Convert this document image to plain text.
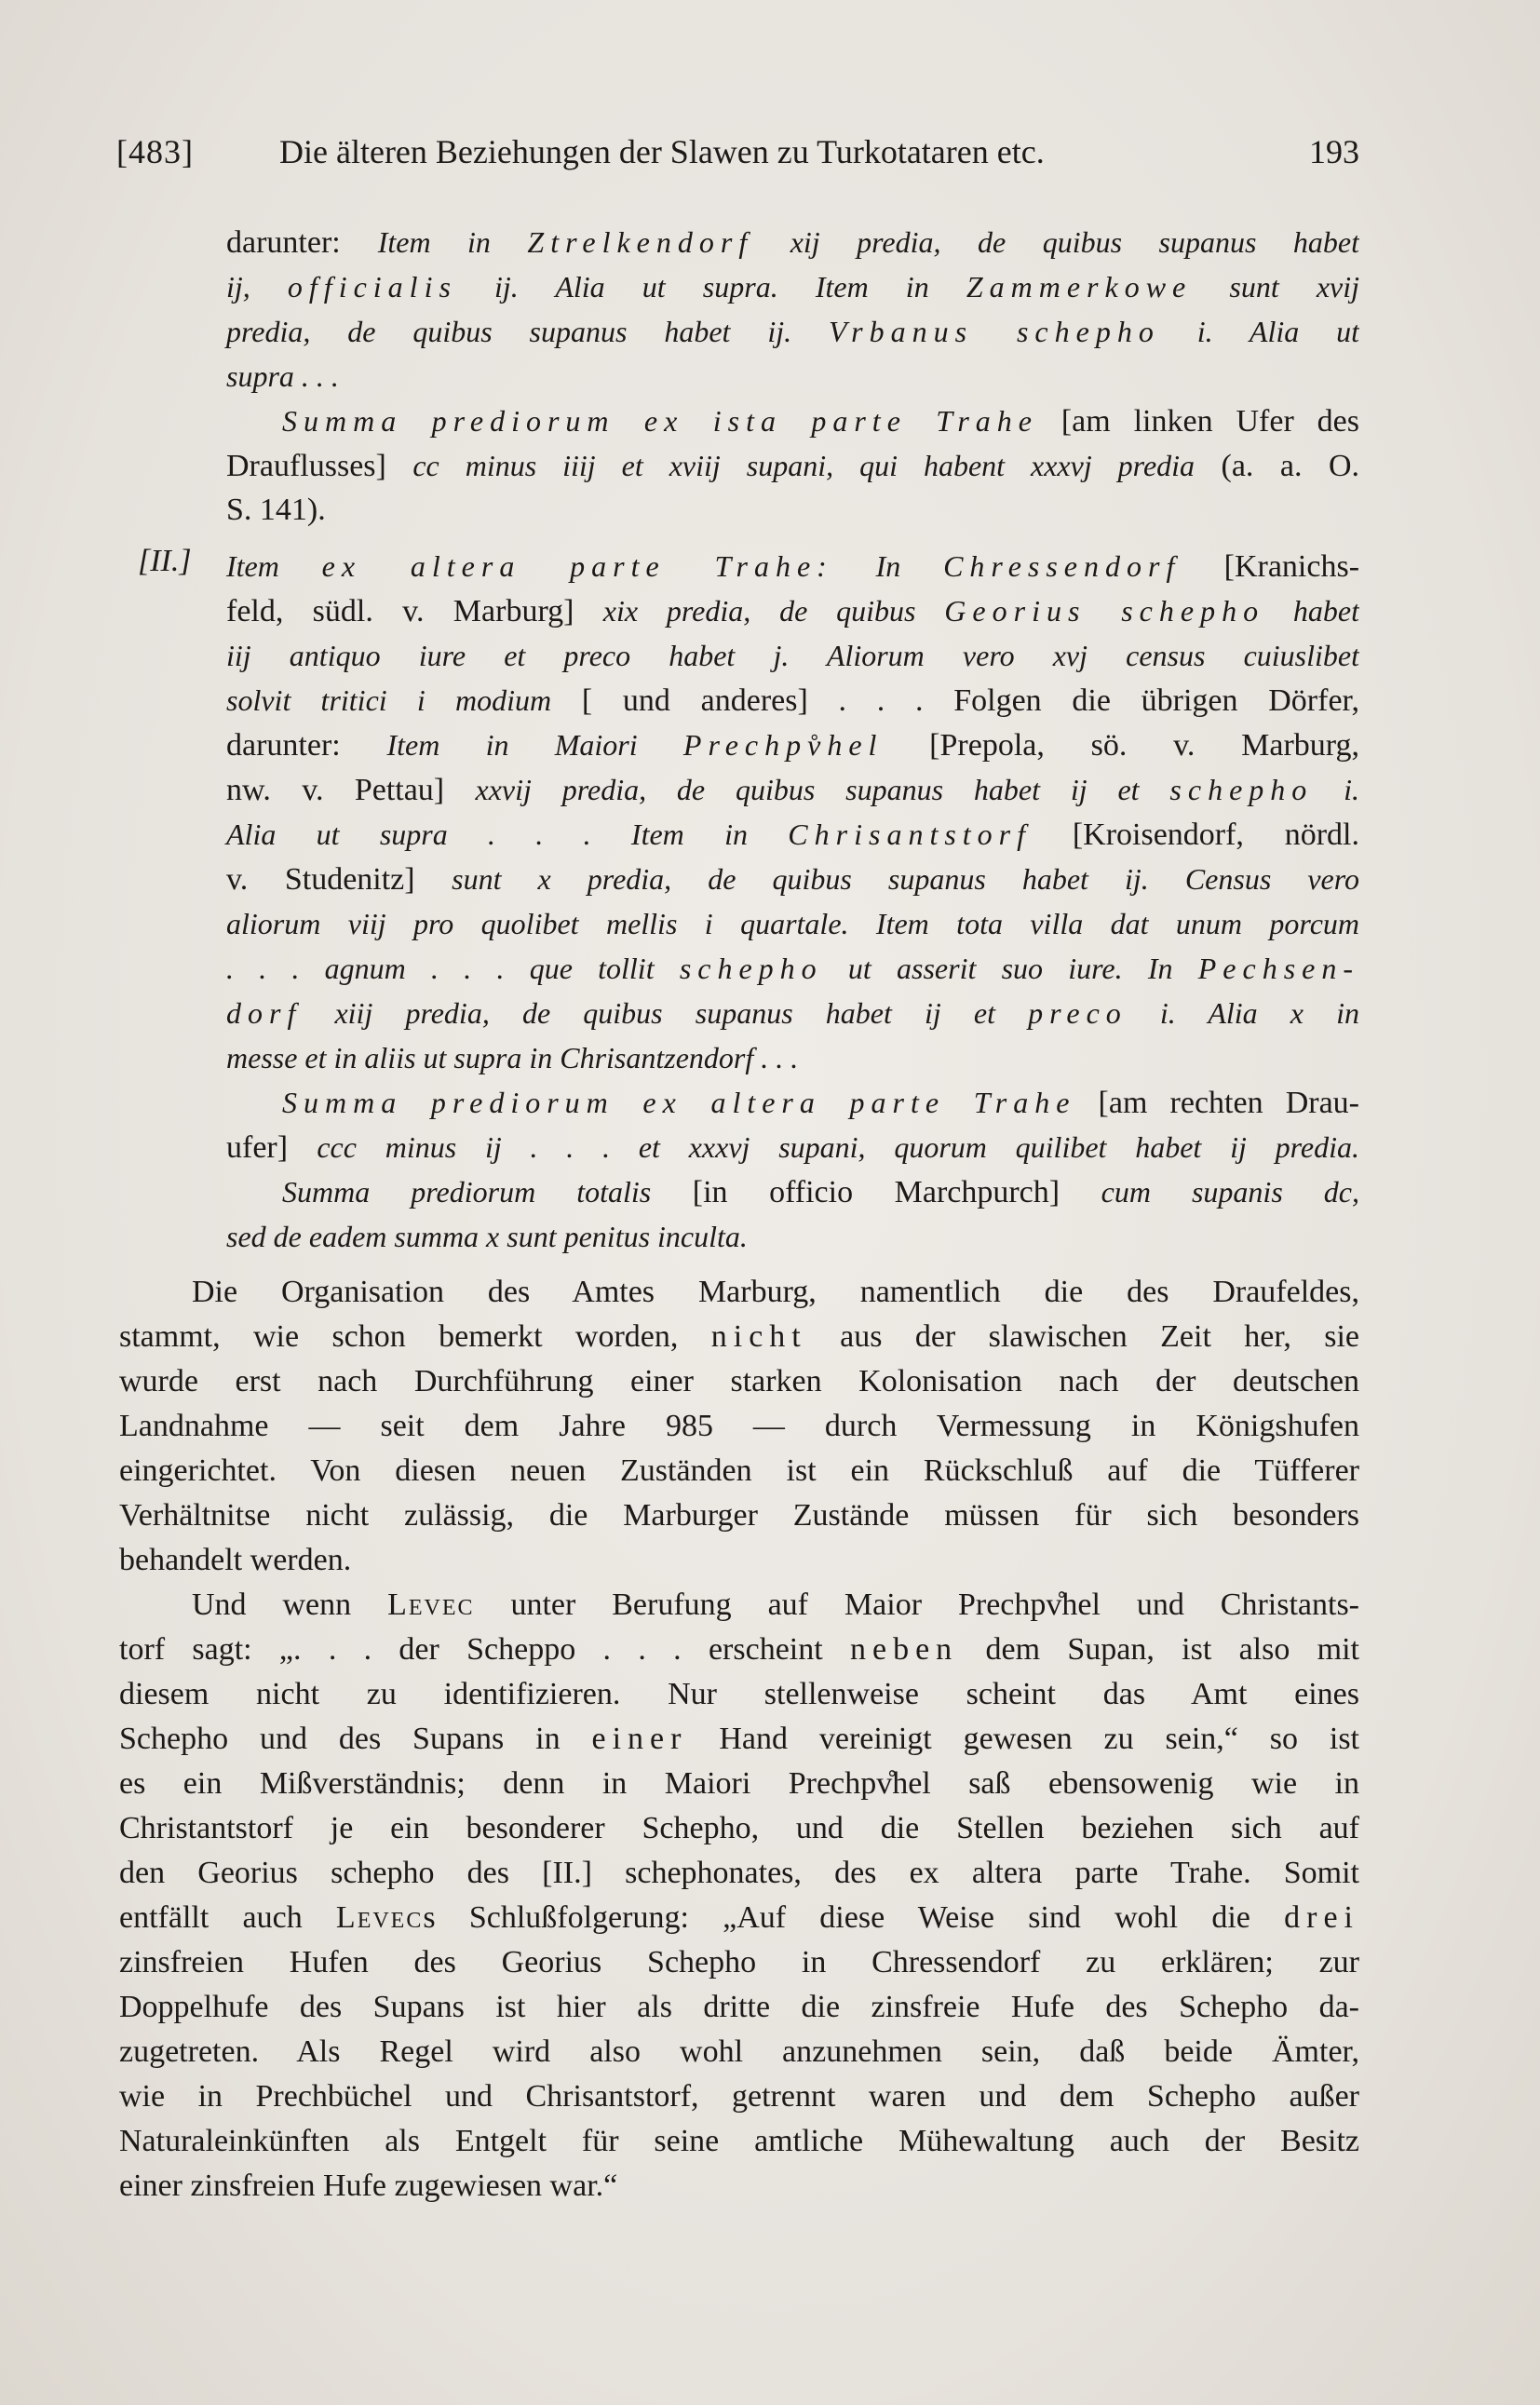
[483]	Die älteren Beziehungen der Slawen zu Turkotataren etc.	193
darunter: Item in Ztrelkendorf xij predia, de quibus supanus habet
ij, officialis ij. Alia ut supra. Item in Zammerkowe sunt xvij
predia, de quibus supanus habet ij. Vrbanus schepho i. Alia ut
supra . . .
Summa prediorum ex ista parte Trahe [am linken Ufer des
Drauflusses] cc minus iiij et xviij supani, qui habent xxxvj predia (a. a. O.
S. 141).
[II.]	Item ex altera parte Trahe: In Chressendorf [Kranichs-
feld, südl. v. Marburg] xix predia, de quibus Georius schepho habet
iij antiquo iure et preco habet j. Aliorum vero xvj census cuiuslibet
solvit tritici i modium [ und anderes] . . . Folgen die übrigen Dörfer,
darunter: Item in Maiori Prechpv̊hel [Prepola, sö. v. Marburg,
nw. v. Pettau] xxvij predia, de quibus supanus habet ij et schepho i.
Alia ut supra . . . Item in Chrisantstorf [Kroisendorf, nördl.
v. Studenitz] sunt x predia, de quibus supanus habet ij. Census vero
aliorum viij pro quolibet mellis i quartale. Item tota villa dat unum porcum
. . . agnum . . . que tollit schepho ut asserit suo iure. In Pechsen-
dorf xiij predia, de quibus supanus habet ij et preco i. Alia x in
messe et in aliis ut supra in Chrisantzendorf . . .
Summa prediorum ex altera parte Trahe [am rechten Drau-
ufer] ccc minus ij . . . et xxxvj supani, quorum quilibet habet ij predia.
Summa prediorum totalis [in officio Marchpurch] cum supanis dc,
sed de eadem summa x sunt penitus inculta.
Die Organisation des Amtes Marburg, namentlich die des Draufeldes,
stammt, wie schon bemerkt worden, nicht aus der slawischen Zeit her, sie
wurde erst nach Durchführung einer starken Kolonisation nach der deutschen
Landnahme — seit dem Jahre 985 — durch Vermessung in Königshufen
eingerichtet. Von diesen neuen Zuständen ist ein Rückschluß auf die Tüfferer
Verhältnitse nicht zulässig, die Marburger Zustände müssen für sich besonders
behandelt werden.
Und wenn Levec unter Berufung auf Maior Prechpv̊hel und Christants-
torf sagt: „. . . der Scheppo . . . erscheint neben dem Supan, ist also mit
diesem nicht zu identifizieren. Nur stellenweise scheint das Amt eines
Schepho und des Supans in einer Hand vereinigt gewesen zu sein,“ so ist
es ein Mißverständnis; denn in Maiori Prechpv̊hel saß ebensowenig wie in
Christantstorf je ein besonderer Schepho, und die Stellen beziehen sich auf
den Georius schepho des [II.] schephonates, des ex altera parte Trahe. Somit
entfällt auch Levecs Schlußfolgerung: „Auf diese Weise sind wohl die drei
zinsfreien Hufen des Georius Schepho in Chressendorf zu erklären; zur
Doppelhufe des Supans ist hier als dritte die zinsfreie Hufe des Schepho da-
zugetreten. Als Regel wird also wohl anzunehmen sein, daß beide Ämter,
wie in Prechbüchel und Chrisantstorf, getrennt waren und dem Schepho außer
Naturaleinkünften als Entgelt für seine amtliche Mühewaltung auch der Besitz
einer zinsfreien Hufe zugewiesen war.“
